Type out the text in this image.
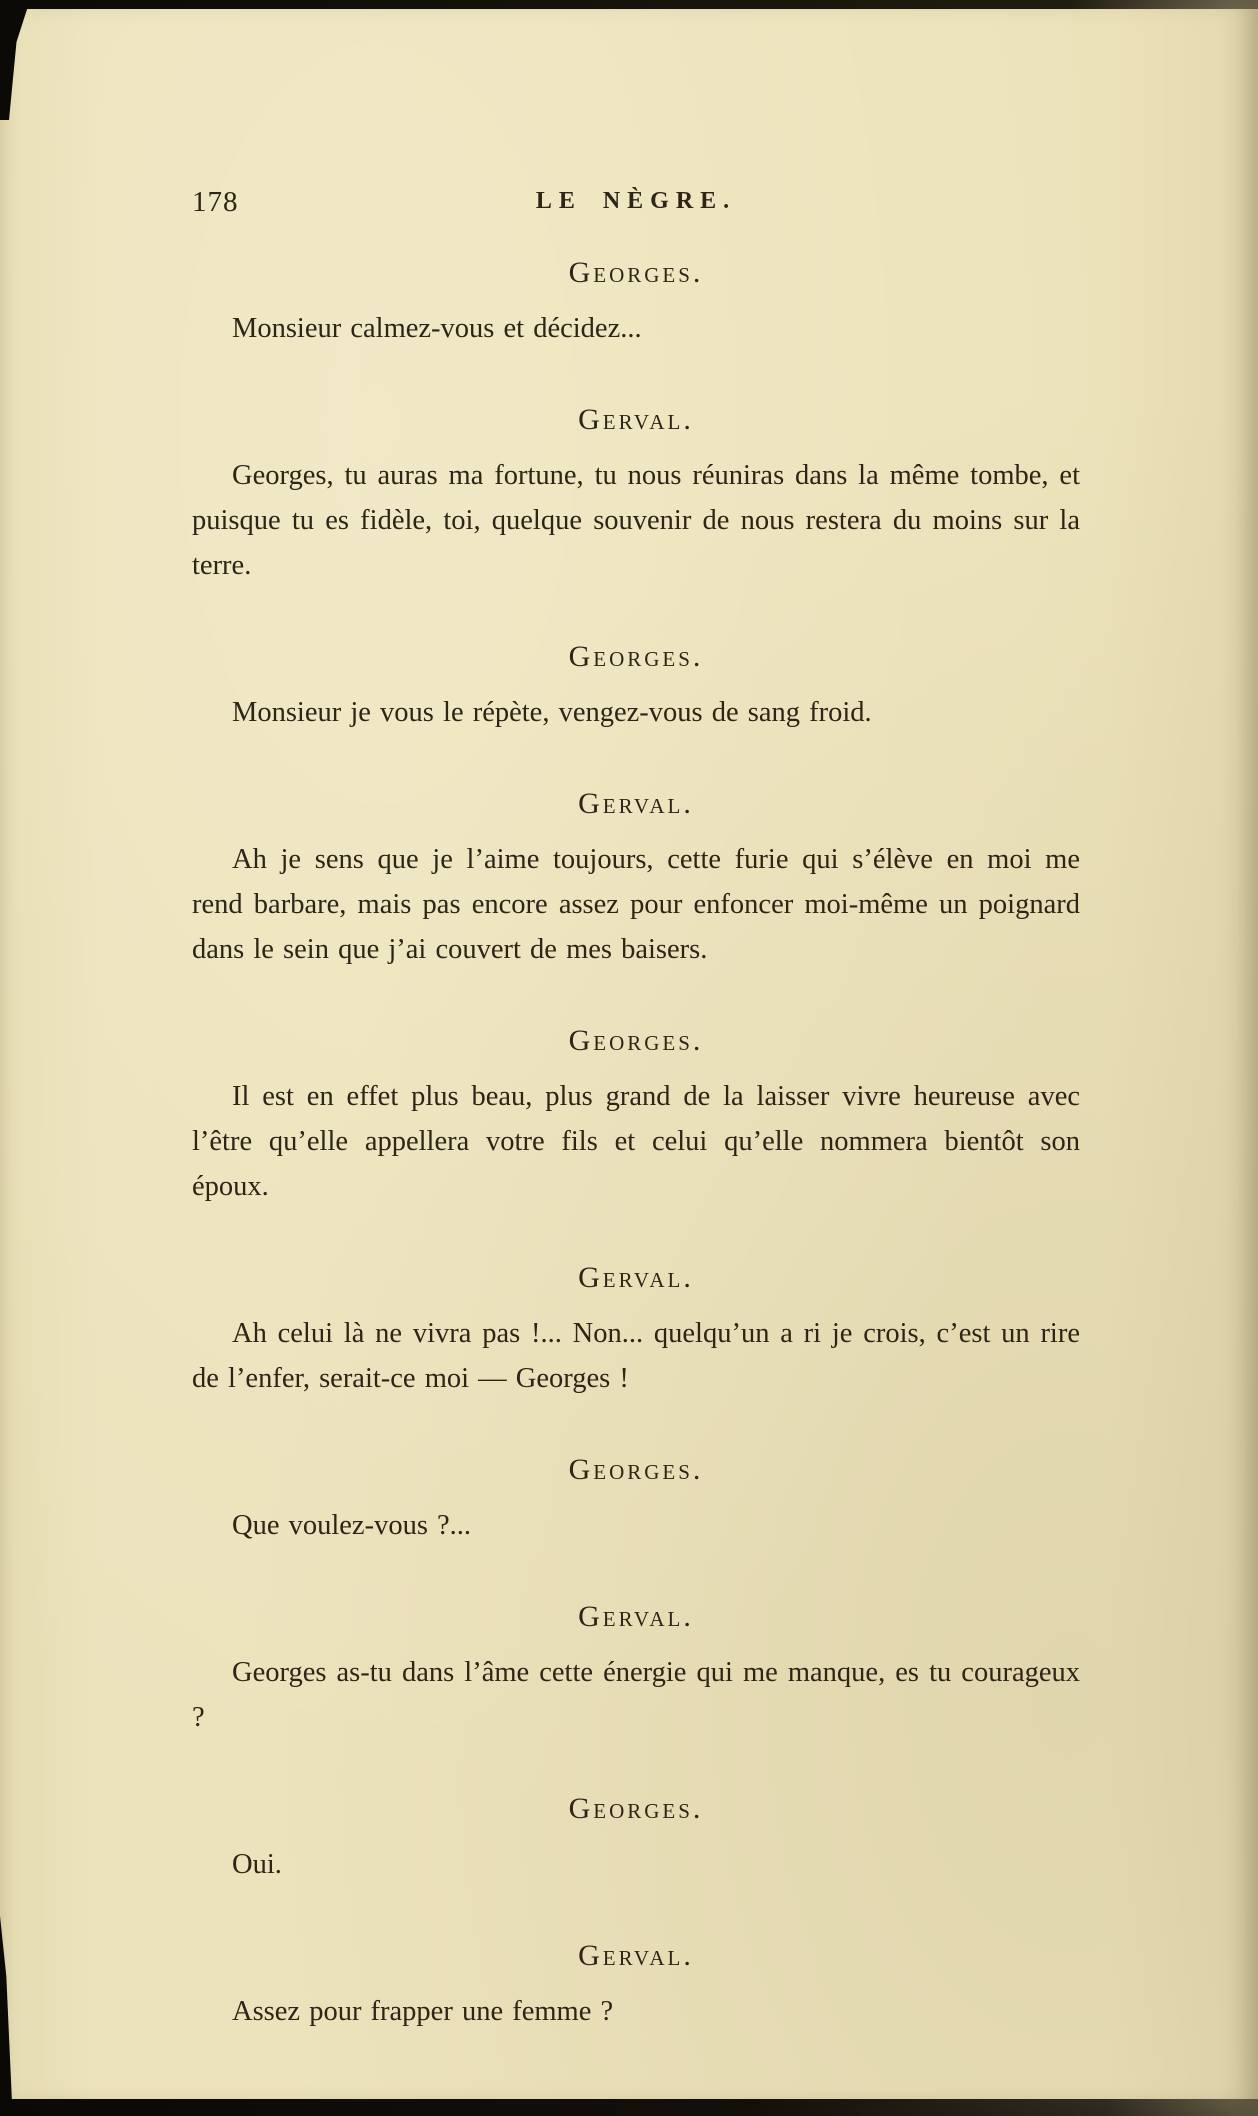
178	LE NÈGRE.
Georges.

Monsieur calmez-vous et décidez...

Gerval.

Georges, tu auras ma fortune, tu nous réuniras dans la même tombe, et puisque tu es fidèle, toi, quelque souvenir de nous restera du moins sur la terre.

Georges.

Monsieur je vous le répète, vengez-vous de sang froid.

Gerval.

Ah je sens que je l’aime toujours, cette furie qui s’élève en moi me rend barbare, mais pas encore assez pour enfoncer moi-même un poignard dans le sein que j’ai couvert de mes baisers.

Georges.

Il est en effet plus beau, plus grand de la laisser vivre heureuse avec l’être qu’elle appellera votre fils et celui qu’elle nommera bientôt son époux.

Gerval.

Ah celui là ne vivra pas !... Non... quelqu’un a ri je crois, c’est un rire de l’enfer, serait-ce moi — Georges !

Georges.

Que voulez-vous ?...

Gerval.

Georges as-tu dans l’âme cette énergie qui me manque, es tu courageux ?

Georges.

Oui.

Gerval.

Assez pour frapper une femme ?
